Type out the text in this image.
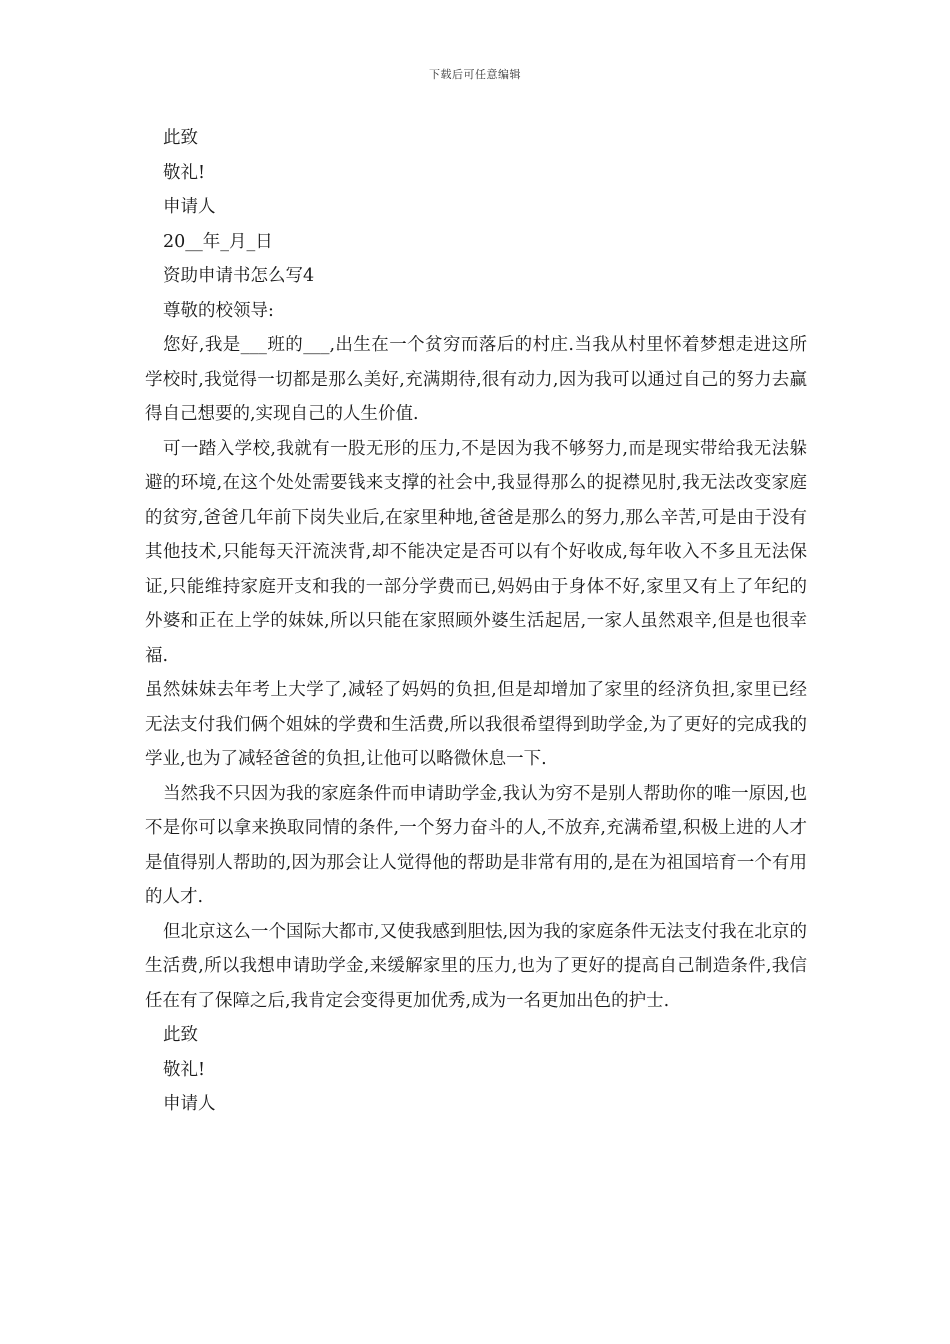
下载后可任意编辑
此致
敬礼!
申请人
20__年_月_日
资助申请书怎么写4
尊敬的校领导:

您好,我是___班的___,出生在一个贫穷而落后的村庄.当我从村里怀着梦想走进这所学校时,我觉得一切都是那么美好,充满期待,很有动力,因为我可以通过自己的努力去赢得自己想要的,实现自己的人生价值.

可一踏入学校,我就有一股无形的压力,不是因为我不够努力,而是现实带给我无法躲避的环境,在这个处处需要钱来支撑的社会中,我显得那么的捉襟见肘,我无法改变家庭的贫穷,爸爸几年前下岗失业后,在家里种地,爸爸是那么的努力,那么辛苦,可是由于没有其他技术,只能每天汗流浃背,却不能决定是否可以有个好收成,每年收入不多且无法保证,只能维持家庭开支和我的一部分学费而已,妈妈由于身体不好,家里又有上了年纪的外婆和正在上学的妹妹,所以只能在家照顾外婆生活起居,一家人虽然艰辛,但是也很幸福.

虽然妹妹去年考上大学了,减轻了妈妈的负担,但是却增加了家里的经济负担,家里已经无法支付我们俩个姐妹的学费和生活费,所以我很希望得到助学金,为了更好的完成我的学业,也为了减轻爸爸的负担,让他可以略微休息一下.

当然我不只因为我的家庭条件而申请助学金,我认为穷不是别人帮助你的唯一原因,也不是你可以拿来换取同情的条件,一个努力奋斗的人,不放弃,充满希望,积极上进的人才是值得别人帮助的,因为那会让人觉得他的帮助是非常有用的,是在为祖国培育一个有用的人才.

但北京这么一个国际大都市,又使我感到胆怯,因为我的家庭条件无法支付我在北京的生活费,所以我想申请助学金,来缓解家里的压力,也为了更好的提高自己制造条件,我信任在有了保障之后,我肯定会变得更加优秀,成为一名更加出色的护士.

此致
敬礼!
申请人
